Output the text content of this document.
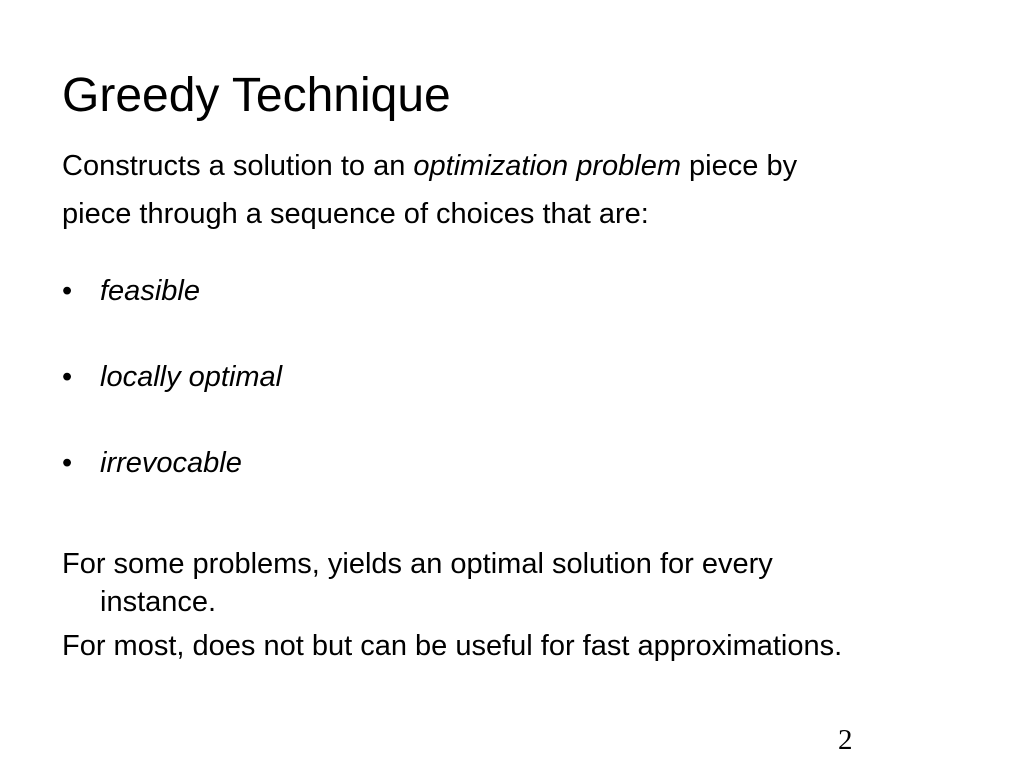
Greedy Technique

Constructs a solution to an optimization problem piece by
piece through a sequence of choices that are:

• feasible
• locally optimal
• irrevocable

For some problems, yields an optimal solution for every
instance.

For most, does not but can be useful for fast approximations.

2
